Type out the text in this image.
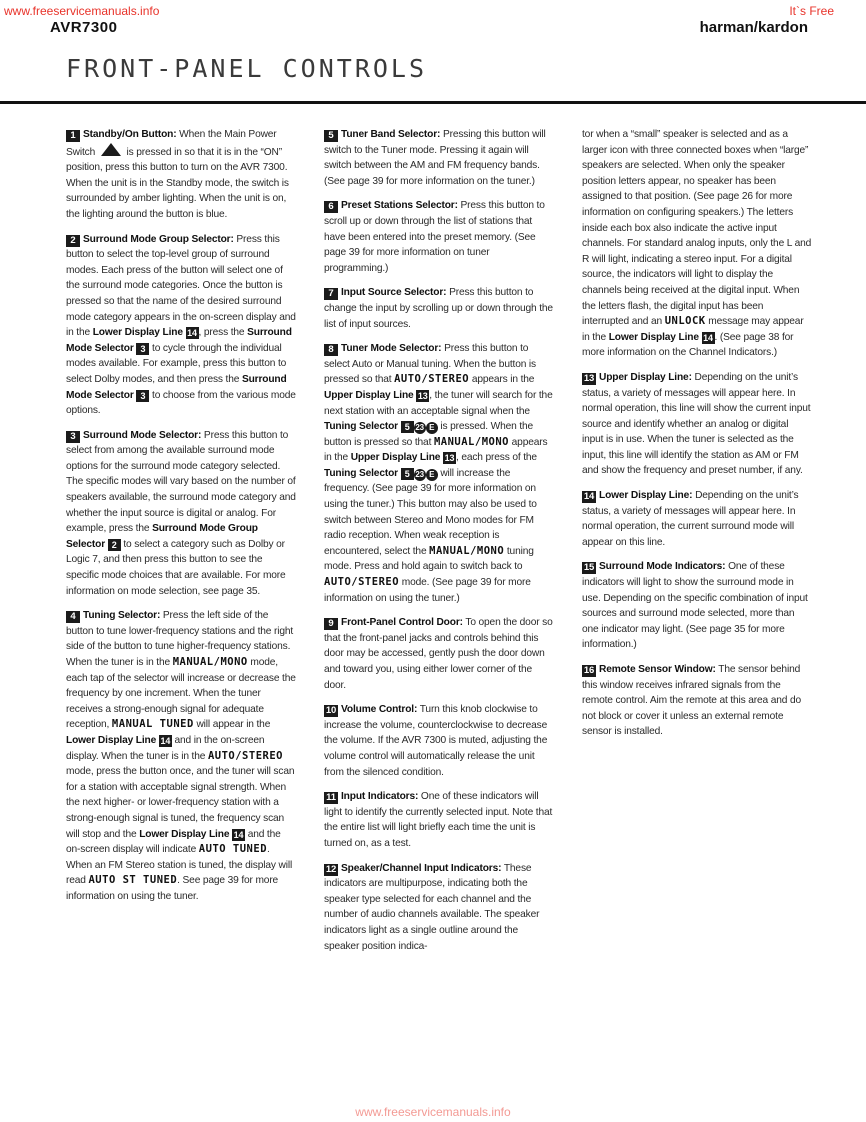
www.freeservicemanuals.info	It`s Free
AVR7300	harman/kardon
FRONT-PANEL CONTROLS
1 Standby/On Button: When the Main Power Switch	is pressed in so that it is in the “ON” position, press this button to turn on the AVR 7300. When the unit is in the Standby mode, the switch is surrounded by amber lighting. When the unit is on, the lighting around the button is blue.
2 Surround Mode Group Selector: Press this button to select the top-level group of surround modes. Each press of the button will select one of the surround mode categories. Once the button is pressed so that the name of the desired surround mode category appears in the on-screen display and in the Lower Display Line 14 , press the Surround Mode Selector 3 to cycle through the individual modes available. For example, press this button to select Dolby modes, and then press the Surround Mode Selector 3 to choose from the various mode options.
3 Surround Mode Selector: Press this button to select from among the available surround mode options for the surround mode category selected. The specific modes will vary based on the number of speakers available, the surround mode category and whether the input source is digital or analog. For example, press the Surround Mode Group Selector 2 to select a category such as Dolby or Logic 7, and then press this button to see the specific mode choices that are available. For more information on mode selection, see page 35.
4 Tuning Selector: Press the left side of the button to tune lower-frequency stations and the right side of the button to tune higher-frequency stations. When the tuner is in the MANUAL/MONO mode, each tap of the selector will increase or decrease the frequency by one increment. When the tuner receives a strong-enough signal for adequate reception, MANUAL TUNED will appear in the Lower Display Line 14 and in the on-screen display. When the tuner is in the AUTO/STEREO mode, press the button once, and the tuner will scan for a station with acceptable signal strength. When the next higher- or lower-frequency station with a strong-enough signal is tuned, the frequency scan will stop and the Lower Display Line 14 and the on-screen display will indicate AUTO TUNED. When an FM Stereo station is tuned, the display will read AUTO ST TUNED. See page 39 for more information on using the tuner.
5 Tuner Band Selector: Pressing this button will switch to the Tuner mode. Pressing it again will switch between the AM and FM frequency bands. (See page 39 for more information on the tuner.)
6 Preset Stations Selector: Press this button to scroll up or down through the list of stations that have been entered into the preset memory. (See page 39 for more information on tuner programming.)
7 Input Source Selector: Press this button to change the input by scrolling up or down through the list of input sources.
8 Tuner Mode Selector: Press this button to select Auto or Manual tuning. When the button is pressed so that AUTO/STEREO appears in the Upper Display Line 13 , the tuner will search for the next station with an acceptable signal when the Tuning Selector 5 23 E is pressed. When the button is pressed so that MANUAL/MONO appears in the Upper Display Line 13 , each press of the Tuning Selector 5 23 E will increase the frequency. (See page 39 for more information on using the tuner.) This button may also be used to switch between Stereo and Mono modes for FM radio reception. When weak reception is encountered, select the MANUAL/MONO tuning mode. Press and hold again to switch back to AUTO/STEREO mode. (See page 39 for more information on using the tuner.)
9 Front-Panel Control Door: To open the door so that the front-panel jacks and controls behind this door may be accessed, gently push the door down and toward you, using either lower corner of the door.
10 Volume Control: Turn this knob clockwise to increase the volume, counterclockwise to decrease the volume. If the AVR 7300 is muted, adjusting the volume control will automatically release the unit from the silenced condition.
11 Input Indicators: One of these indicators will light to identify the currently selected input. Note that the entire list will light briefly each time the unit is turned on, as a test.
12 Speaker/Channel Input Indicators: These indicators are multipurpose, indicating both the speaker type selected for each channel and the number of audio channels available. The speaker indicators light as a single outline around the speaker position indica-
tor when a “small” speaker is selected and as a larger icon with three connected boxes when “large” speakers are selected. When only the speaker position letters appear, no speaker has been assigned to that position. (See page 26 for more information on configuring speakers.) The letters inside each box also indicate the active input channels. For standard analog inputs, only the L and R will light, indicating a stereo input. For a digital source, the indicators will light to display the channels being received at the digital input. When the letters flash, the digital input has been interrupted and an UNLOCK message may appear in the Lower Display Line 14 . (See page 38 for more information on the Channel Indicators.)
13 Upper Display Line: Depending on the unit’s status, a variety of messages will appear here. In normal operation, this line will show the current input source and identify whether an analog or digital input is in use. When the tuner is selected as the input, this line will identify the station as AM or FM and show the frequency and preset number, if any.
14 Lower Display Line: Depending on the unit’s status, a variety of messages will appear here. In normal operation, the current surround mode will appear on this line.
15 Surround Mode Indicators: One of these indicators will light to show the surround mode in use. Depending on the specific combination of input sources and surround mode selected, more than one indicator may light. (See page 35 for more information.)
16 Remote Sensor Window: The sensor behind this window receives infrared signals from the remote control. Aim the remote at this area and do not block or cover it unless an external remote sensor is installed.
www.freeservicemanuals.info
